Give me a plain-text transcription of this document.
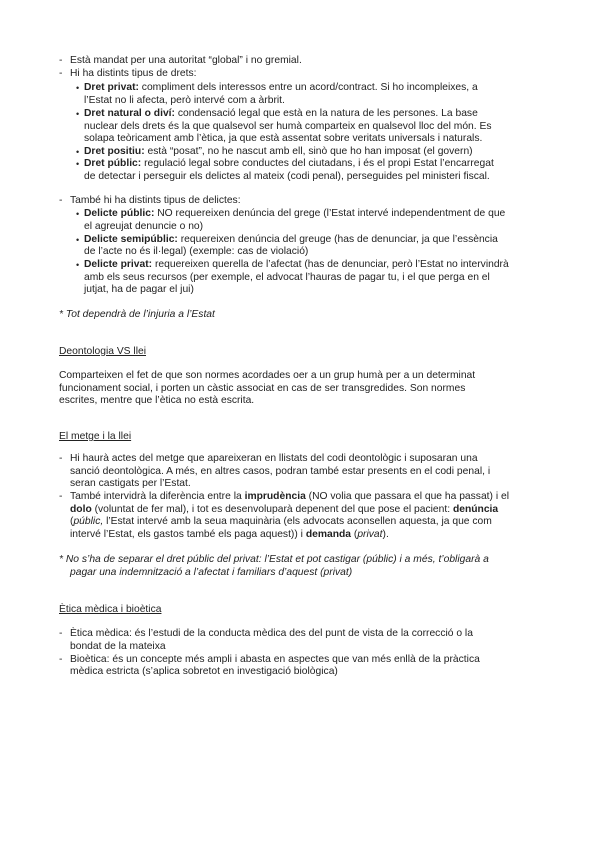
- Està mandat per una autoritat “global” i no gremial.
- Hi ha distints tipus de drets:
• Dret privat: compliment dels interessos entre un acord/contract. Si ho incompleixes, a
l’Estat no li afecta, però intervé com a àrbrit.
• Dret natural o diví: condensació legal que està en la natura de les persones. La base
nuclear dels drets és la que qualsevol ser humà comparteix en qualsevol lloc del món. Es
solapa teòricament amb l’ètica, ja que està assentat sobre veritats universals i naturals.
• Dret positiu: està “posat”, no he nascut amb ell, sinò que ho han imposat (el govern)
• Dret públic: regulació legal sobre conductes del ciutadans, i és el propi Estat l’encarregat
de detectar i perseguir els delictes al mateix (codi penal), perseguides pel ministeri fiscal.
- També hi ha distints tipus de delictes:
• Delicte públic: NO requereixen denúncia del grege (l’Estat intervé independentment de que
el agreujat denuncie o no)
• Delicte semipúblic: requereixen denúncia del greuge (has de denunciar, ja que l’essència
de l’acte no és il·legal) (exemple: cas de violació)
• Delicte privat: requereixen querella de l’afectat (has de denunciar, però l’Estat no intervindrà
amb els seus recursos (per exemple, el advocat l’hauras de pagar tu, i el que perga en el
jutjat, ha de pagar el jui)
* Tot dependrà de l’injuria a l’Estat
Deontologia VS llei
Comparteixen el fet de que son normes acordades oer a un grup humà per a un determinat
funcionament social, i porten un càstic associat en cas de ser transgredides. Son normes
escrites, mentre que l’ètica no està escrita.
El metge i la llei
- Hi haurà actes del metge que apareixeran en llistats del codi deontològic i suposaran una
sanció deontològica. A més, en altres casos, podran també estar presents en el codi penal, i
seran castigats per l’Estat.
- També intervidrà la diferència entre la imprudència (NO volia que passara el que ha passat) i el
dolo (voluntat de fer mal), i tot es desenvoluparà depenent del que pose el pacient: denúncia
(públic, l’Estat intervé amb la seua maquinària (els advocats aconsellen aquesta, ja que com
intervé l’Estat, els gastos també els paga aquest)) i demanda (privat).
* No s’ha de separar el dret públic del privat: l’Estat et pot castigar (públic) i a més, t’obligarà a
pagar una indemnització a l’afectat i familiars d’aquest (privat)
Ètica mèdica i bioètica
- Ètica mèdica: és l’estudi de la conducta mèdica des del punt de vista de la correcció o la
bondat de la mateixa
- Bioètica: és un concepte més ampli i abasta en aspectes que van més enllà de la pràctica
mèdica estricta (s’aplica sobretot en investigació biològica)
